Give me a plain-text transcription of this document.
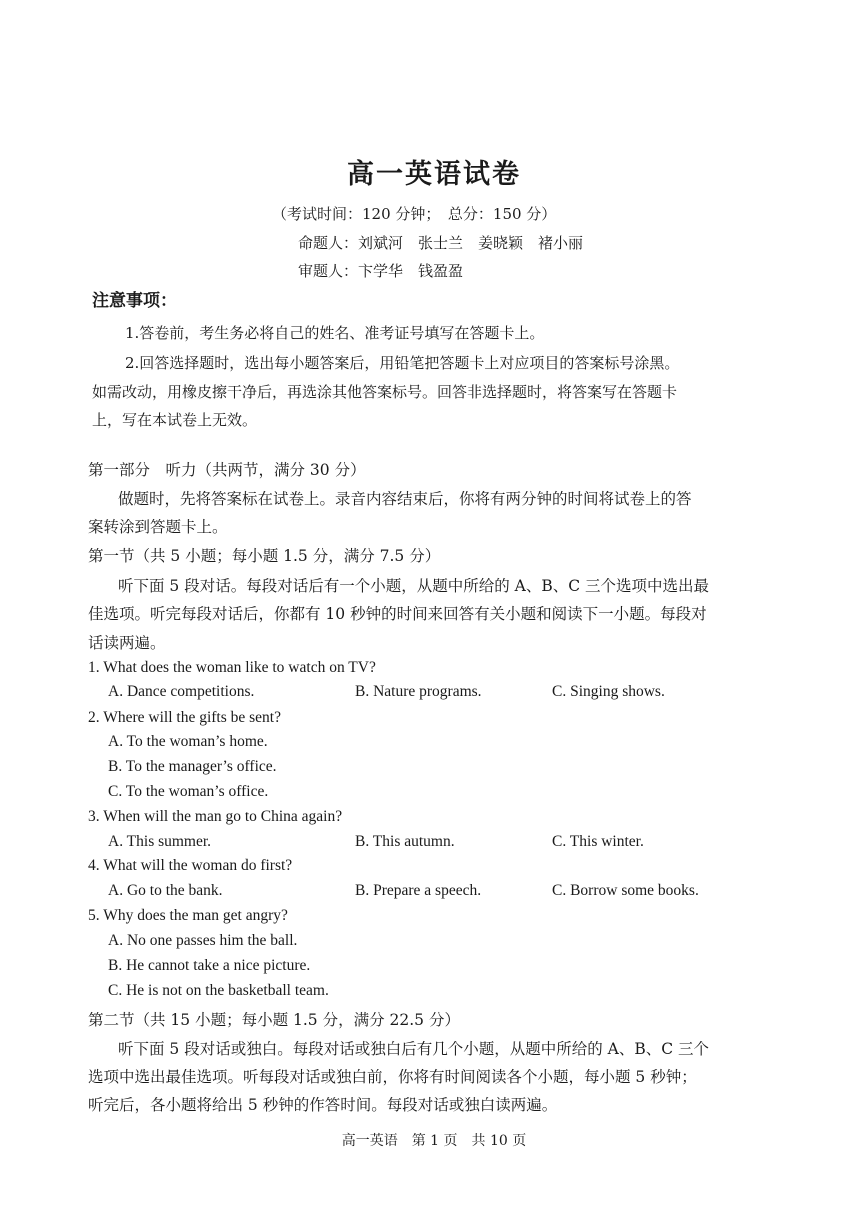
高一英语试卷
（考试时间：120 分钟；　总分：150 分）
命题人：刘斌河　张士兰　姜晓颖　褚小丽
审题人：卞学华　钱盈盈
注意事项：
1.答卷前，考生务必将自己的姓名、准考证号填写在答题卡上。
2.回答选择题时，选出每小题答案后，用铅笔把答题卡上对应项目的答案标号涂黑。
如需改动，用橡皮擦干净后，再选涂其他答案标号。回答非选择题时，将答案写在答题卡
上，写在本试卷上无效。
第一部分　听力（共两节，满分 30 分）
做题时，先将答案标在试卷上。录音内容结束后，你将有两分钟的时间将试卷上的答
案转涂到答题卡上。
第一节（共 5 小题；每小题 1.5 分，满分 7.5 分）
听下面 5 段对话。每段对话后有一个小题，从题中所给的 A、B、C 三个选项中选出最
佳选项。听完每段对话后，你都有 10 秒钟的时间来回答有关小题和阅读下一小题。每段对
话读两遍。
1. What does the woman like to watch on TV?
A. Dance competitions.	B. Nature programs.	C. Singing shows.
2. Where will the gifts be sent?
A. To the woman’s home.
B. To the manager’s office.
C. To the woman’s office.
3. When will the man go to China again?
A. This summer.	B. This autumn.	C. This winter.
4. What will the woman do first?
A. Go to the bank.	B. Prepare a speech.	C. Borrow some books.
5. Why does the man get angry?
A. No one passes him the ball.
B. He cannot take a nice picture.
C. He is not on the basketball team.
第二节（共 15 小题；每小题 1.5 分，满分 22.5 分）
听下面 5 段对话或独白。每段对话或独白后有几个小题，从题中所给的 A、B、C 三个
选项中选出最佳选项。听每段对话或独白前，你将有时间阅读各个小题，每小题 5 秒钟；
听完后，各小题将给出 5 秒钟的作答时间。每段对话或独白读两遍。
高一英语　第 1 页　共 10 页
